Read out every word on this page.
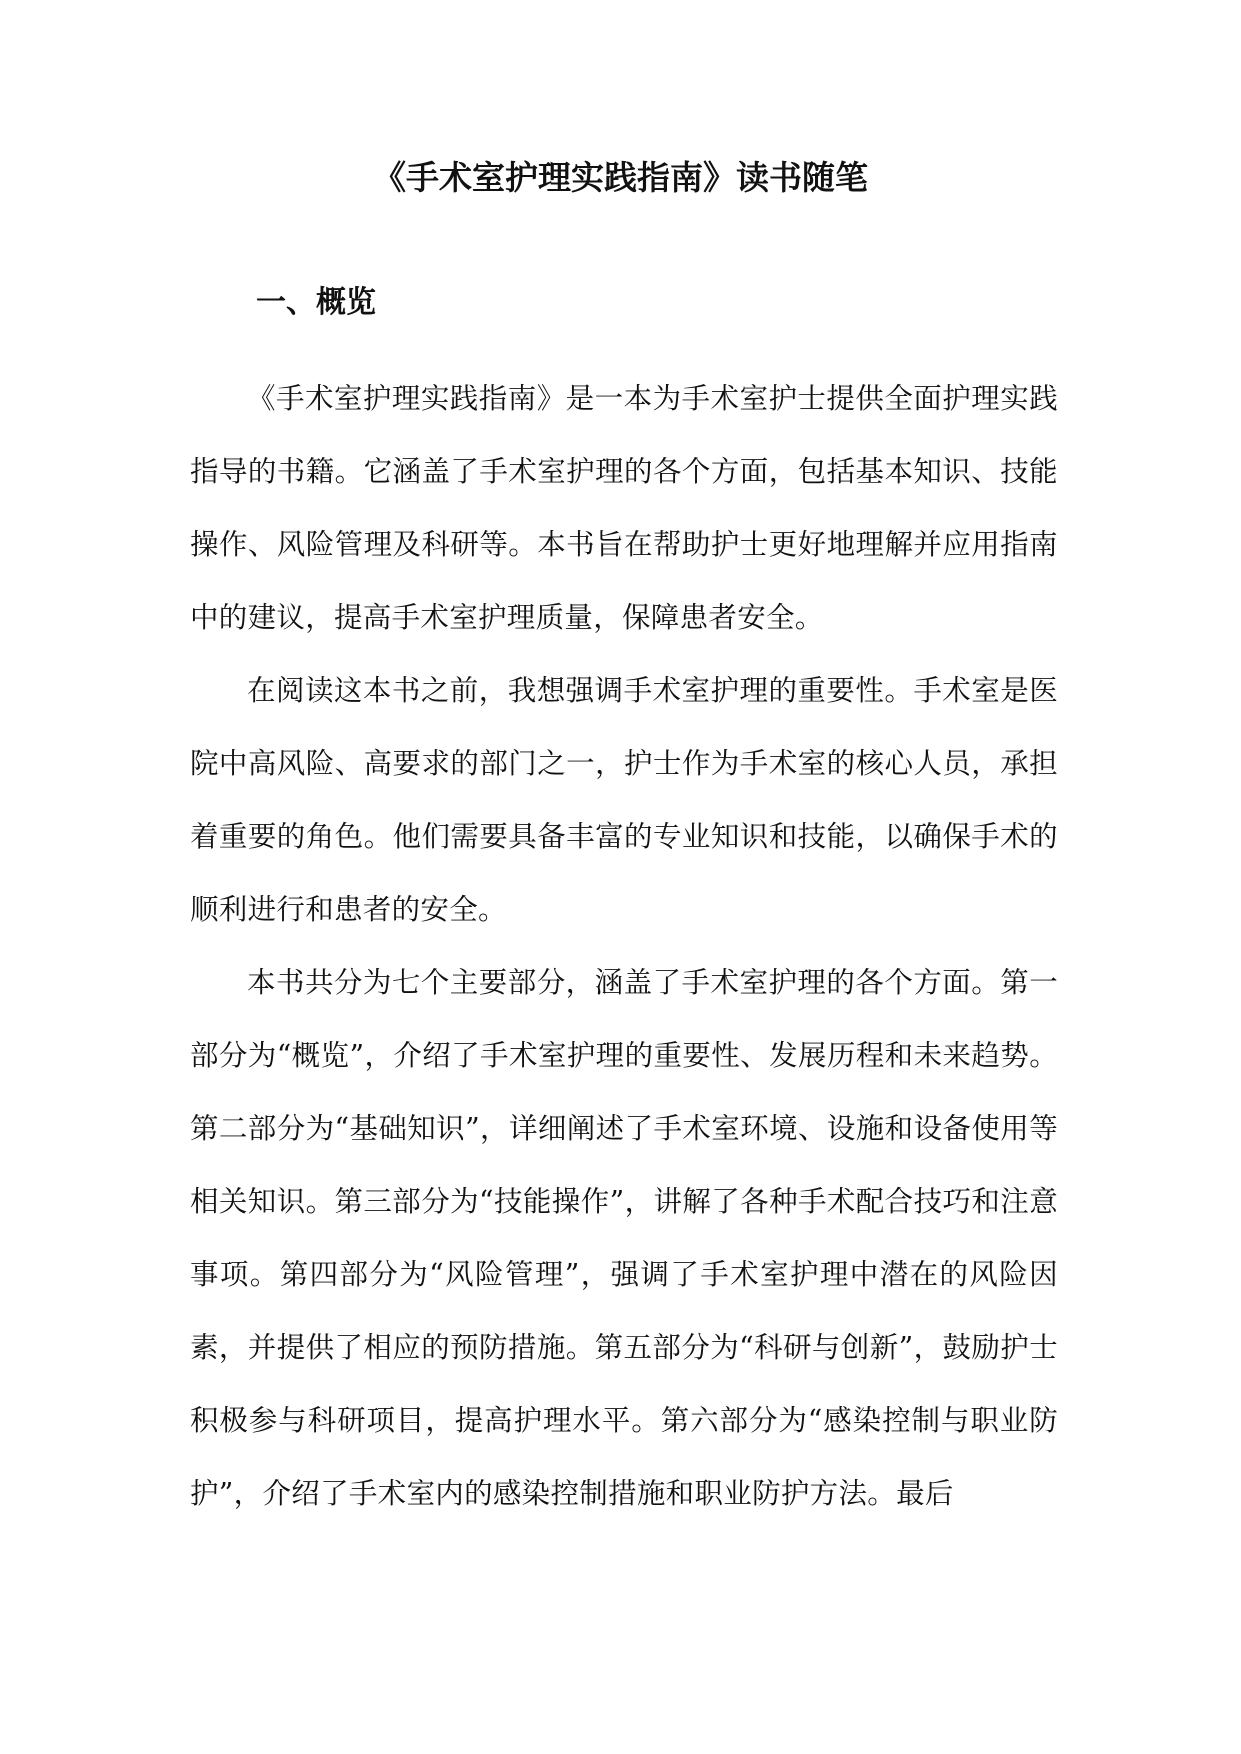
《手术室护理实践指南》读书随笔
一、概览

《手术室护理实践指南》是一本为手术室护士提供全面护理实践指导的书籍。它涵盖了手术室护理的各个方面，包括基本知识、技能操作、风险管理及科研等。本书旨在帮助护士更好地理解并应用指南中的建议，提高手术室护理质量，保障患者安全。

在阅读这本书之前，我想强调手术室护理的重要性。手术室是医院中高风险、高要求的部门之一，护士作为手术室的核心人员，承担着重要的角色。他们需要具备丰富的专业知识和技能，以确保手术的顺利进行和患者的安全。

本书共分为七个主要部分，涵盖了手术室护理的各个方面。第一部分为“概览”，介绍了手术室护理的重要性、发展历程和未来趋势。第二部分为“基础知识”，详细阐述了手术室环境、设施和设备使用等相关知识。第三部分为“技能操作”，讲解了各种手术配合技巧和注意事项。第四部分为“风险管理”，强调了手术室护理中潜在的风险因素，并提供了相应的预防措施。第五部分为“科研与创新”，鼓励护士积极参与科研项目，提高护理水平。第六部分为“感染控制与职业防护”，介绍了手术室内的感染控制措施和职业防护方法。最后
